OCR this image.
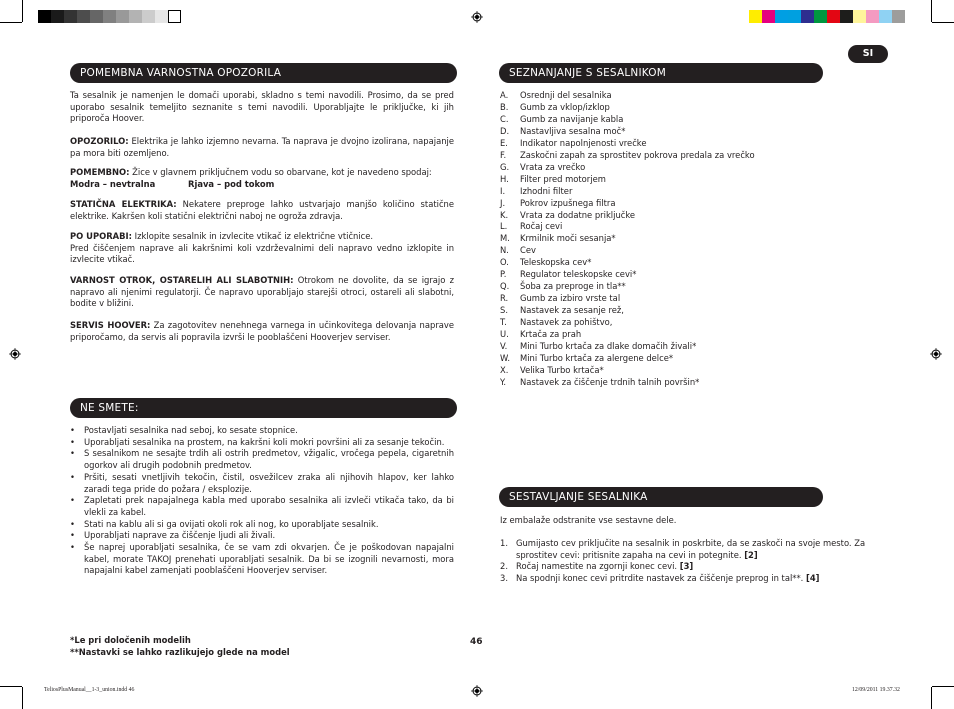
SI
POMEMBNA VARNOSTNA OPOZORILA
Ta sesalnik je namenjen le domači uporabi, skladno s temi navodili. Prosimo, da se pred uporabo sesalnik temeljito seznanite s temi navodili. Uporabljajte le priključke, ki jih priporoča Hoover.
OPOZORILO: Elektrika je lahko izjemno nevarna. Ta naprava je dvojno izolirana, napajanje pa mora biti ozemljeno.
POMEMBNO: Žice v glavnem priključnem vodu so obarvane, kot je navedeno spodaj:
Modra – nevtralna	Rjava – pod tokom
STATIČNA ELEKTRIKA: Nekatere preproge lahko ustvarjajo manjšo količino statične elektrike. Kakršen koli statični električni naboj ne ogroža zdravja.
PO UPORABI: Izklopite sesalnik in izvlecite vtikač iz električne vtičnice.
Pred čiščenjem naprave ali kakršnimi koli vzdrževalnimi deli napravo vedno izklopite in izvlecite vtikač.
VARNOST OTROK, OSTARELIH ALI SLABOTNIH: Otrokom ne dovolite, da se igrajo z napravo ali njenimi regulatorji. Če napravo uporabljajo starejši otroci, ostareli ali slabotni, bodite v bližini.
SERVIS HOOVER: Za zagotovitev nenehnega varnega in učinkovitega delovanja naprave priporočamo, da servis ali popravila izvrši le pooblaščeni Hooverjev serviser.
NE SMETE:
•	Postavljati sesalnika nad seboj, ko sesate stopnice.
•	Uporabljati sesalnika na prostem, na kakršni koli mokri površini ali za sesanje tekočin.
•	S sesalnikom ne sesajte trdih ali ostrih predmetov, vžigalic, vročega pepela, cigaretnih ogorkov ali drugih podobnih predmetov.
•	Pršiti, sesati vnetljivih tekočin, čistil, osvežilcev zraka ali njihovih hlapov, ker lahko zaradi tega pride do požara / eksplozije.
•	Zapletati prek napajalnega kabla med uporabo sesalnika ali izvleči vtikača tako, da bi vlekli za kabel.
•	Stati na kablu ali si ga ovijati okoli rok ali nog, ko uporabljate sesalnik.
•	Uporabljati naprave za čiščenje ljudi ali živali.
•	Še naprej uporabljati sesalnika, če se vam zdi okvarjen. Če je poškodovan napajalni kabel, morate TAKOJ prenehati uporabljati sesalnik. Da bi se izognili nevarnosti, mora napajalni kabel zamenjati pooblaščeni Hooverjev serviser.
*Le pri določenih modelih
**Nastavki se lahko razlikujejo glede na model
46
SEZNANJANJE S SESALNIKOM
A.	Osrednji del sesalnika
B.	Gumb za vklop/izklop
C.	Gumb za navijanje kabla
D.	Nastavljiva sesalna moč*
E.	Indikator napolnjenosti vrečke
F.	Zaskočni zapah za sprostitev pokrova predala za vrečko
G.	Vrata za vrečko
H.	Filter pred motorjem
I.	Izhodni filter
J.	Pokrov izpušnega filtra
K.	Vrata za dodatne priključke
L.	Ročaj cevi
M.	Krmilnik moči sesanja*
N.	Cev
O.	Teleskopska cev*
P.	Regulator teleskopske cevi*
Q.	Šoba za preproge in tla**
R.	Gumb za izbiro vrste tal
S.	Nastavek za sesanje rež,
T.	Nastavek za pohištvo,
U.	Krtača za prah
V.	Mini Turbo krtača za dlake domačih živali*
W.	Mini Turbo krtača za alergene delce*
X.	Velika Turbo krtača*
Y.	Nastavek za čiščenje trdnih talnih površin*
SESTAVLJANJE SESALNIKA
Iz embalaže odstranite vse sestavne dele.
1. Gumijasto cev priključite na sesalnik in poskrbite, da se zaskoči na svoje mesto. Za sprostitev cevi: pritisnite zapaha na cevi in potegnite. [2]
2. Ročaj namestite na zgornji konec cevi. [3]
3. Na spodnji konec cevi pritrdite nastavek za čiščenje preprog in tal**. [4]
TeliosPlusManual__1-3_union.indd 46	12/09/2011 19.37.32
